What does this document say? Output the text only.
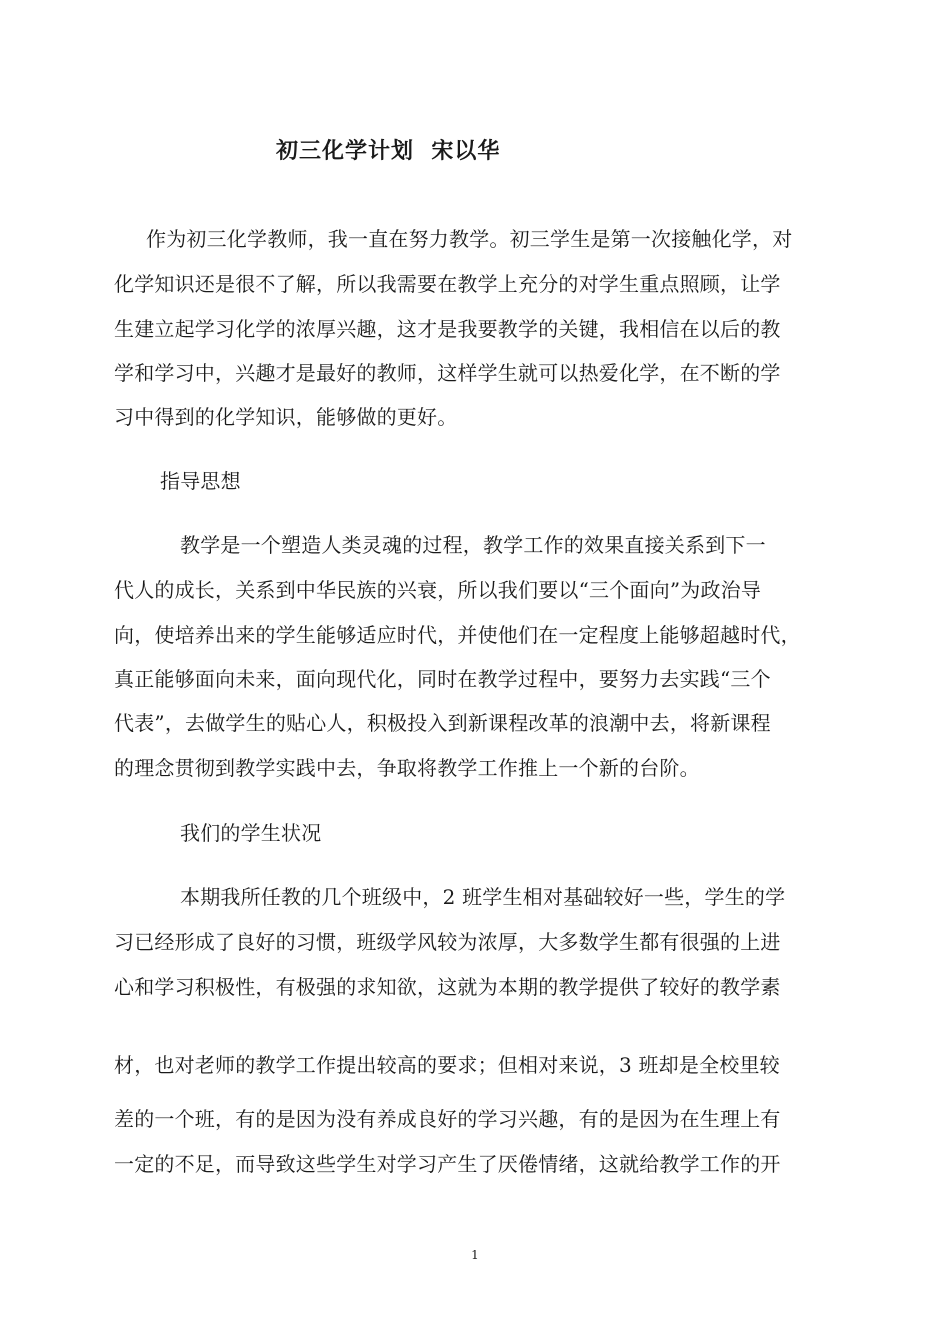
初三化学计划  宋以华
作为初三化学教师，我一直在努力教学。初三学生是第一次接触化学，对
化学知识还是很不了解，所以我需要在教学上充分的对学生重点照顾，让学
生建立起学习化学的浓厚兴趣，这才是我要教学的关键，我相信在以后的教
学和学习中，兴趣才是最好的教师，这样学生就可以热爱化学，在不断的学
习中得到的化学知识，能够做的更好。
指导思想
教学是一个塑造人类灵魂的过程，教学工作的效果直接关系到下一
代人的成长，关系到中华民族的兴衰，所以我们要以“三个面向”为政治导
向，使培养出来的学生能够适应时代，并使他们在一定程度上能够超越时代，
真正能够面向未来，面向现代化，同时在教学过程中，要努力去实践“三个
代表”，去做学生的贴心人，积极投入到新课程改革的浪潮中去，将新课程
的理念贯彻到教学实践中去，争取将教学工作推上一个新的台阶。
我们的学生状况
本期我所任教的几个班级中，2 班学生相对基础较好一些，学生的学
习已经形成了良好的习惯，班级学风较为浓厚，大多数学生都有很强的上进
心和学习积极性，有极强的求知欲，这就为本期的教学提供了较好的教学素
材，也对老师的教学工作提出较高的要求；但相对来说，3 班却是全校里较
差的一个班，有的是因为没有养成良好的学习兴趣，有的是因为在生理上有
一定的不足，而导致这些学生对学习产生了厌倦情绪，这就给教学工作的开
1
